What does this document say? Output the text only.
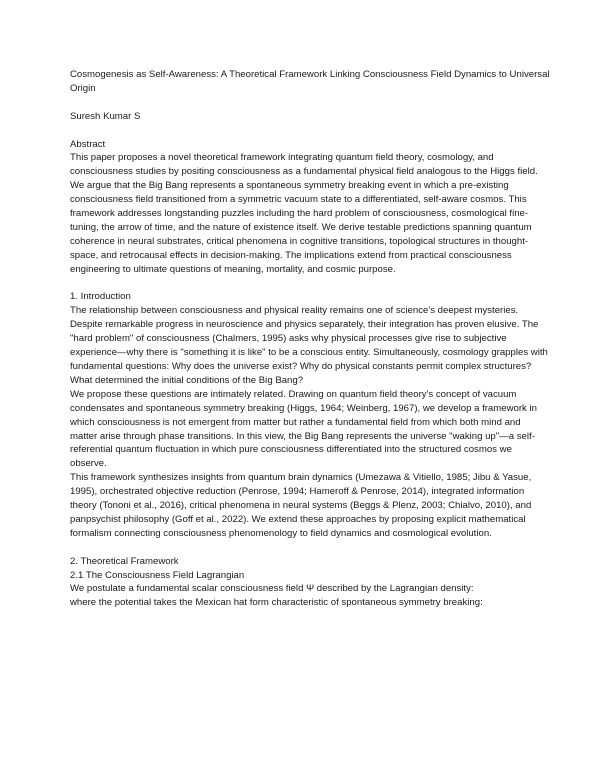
Cosmogenesis as Self-Awareness: A Theoretical Framework Linking Consciousness Field Dynamics to Universal Origin
Suresh Kumar S
Abstract

This paper proposes a novel theoretical framework integrating quantum field theory, cosmology, and consciousness studies by positing consciousness as a fundamental physical field analogous to the Higgs field. We argue that the Big Bang represents a spontaneous symmetry breaking event in which a pre-existing consciousness field transitioned from a symmetric vacuum state to a differentiated, self-aware cosmos. This framework addresses longstanding puzzles including the hard problem of consciousness, cosmological fine-tuning, the arrow of time, and the nature of existence itself. We derive testable predictions spanning quantum coherence in neural substrates, critical phenomena in cognitive transitions, topological structures in thought-space, and retrocausal effects in decision-making. The implications extend from practical consciousness engineering to ultimate questions of meaning, mortality, and cosmic purpose.

1. Introduction

The relationship between consciousness and physical reality remains one of science's deepest mysteries. Despite remarkable progress in neuroscience and physics separately, their integration has proven elusive. The "hard problem" of consciousness (Chalmers, 1995) asks why physical processes give rise to subjective experience—why there is "something it is like" to be a conscious entity. Simultaneously, cosmology grapples with fundamental questions: Why does the universe exist? Why do physical constants permit complex structures? What determined the initial conditions of the Big Bang?

We propose these questions are intimately related. Drawing on quantum field theory's concept of vacuum condensates and spontaneous symmetry breaking (Higgs, 1964; Weinberg, 1967), we develop a framework in which consciousness is not emergent from matter but rather a fundamental field from which both mind and matter arise through phase transitions. In this view, the Big Bang represents the universe "waking up"—a self-referential quantum fluctuation in which pure consciousness differentiated into the structured cosmos we observe.

This framework synthesizes insights from quantum brain dynamics (Umezawa & Vitiello, 1985; Jibu & Yasue, 1995), orchestrated objective reduction (Penrose, 1994; Hameroff & Penrose, 2014), integrated information theory (Tononi et al., 2016), critical phenomena in neural systems (Beggs & Plenz, 2003; Chialvo, 2010), and panpsychist philosophy (Goff et al., 2022). We extend these approaches by proposing explicit mathematical formalism connecting consciousness phenomenology to field dynamics and cosmological evolution.

2. Theoretical Framework
2.1 The Consciousness Field Lagrangian

We postulate a fundamental scalar consciousness field Ψ described by the Lagrangian density:

where the potential takes the Mexican hat form characteristic of spontaneous symmetry breaking:
